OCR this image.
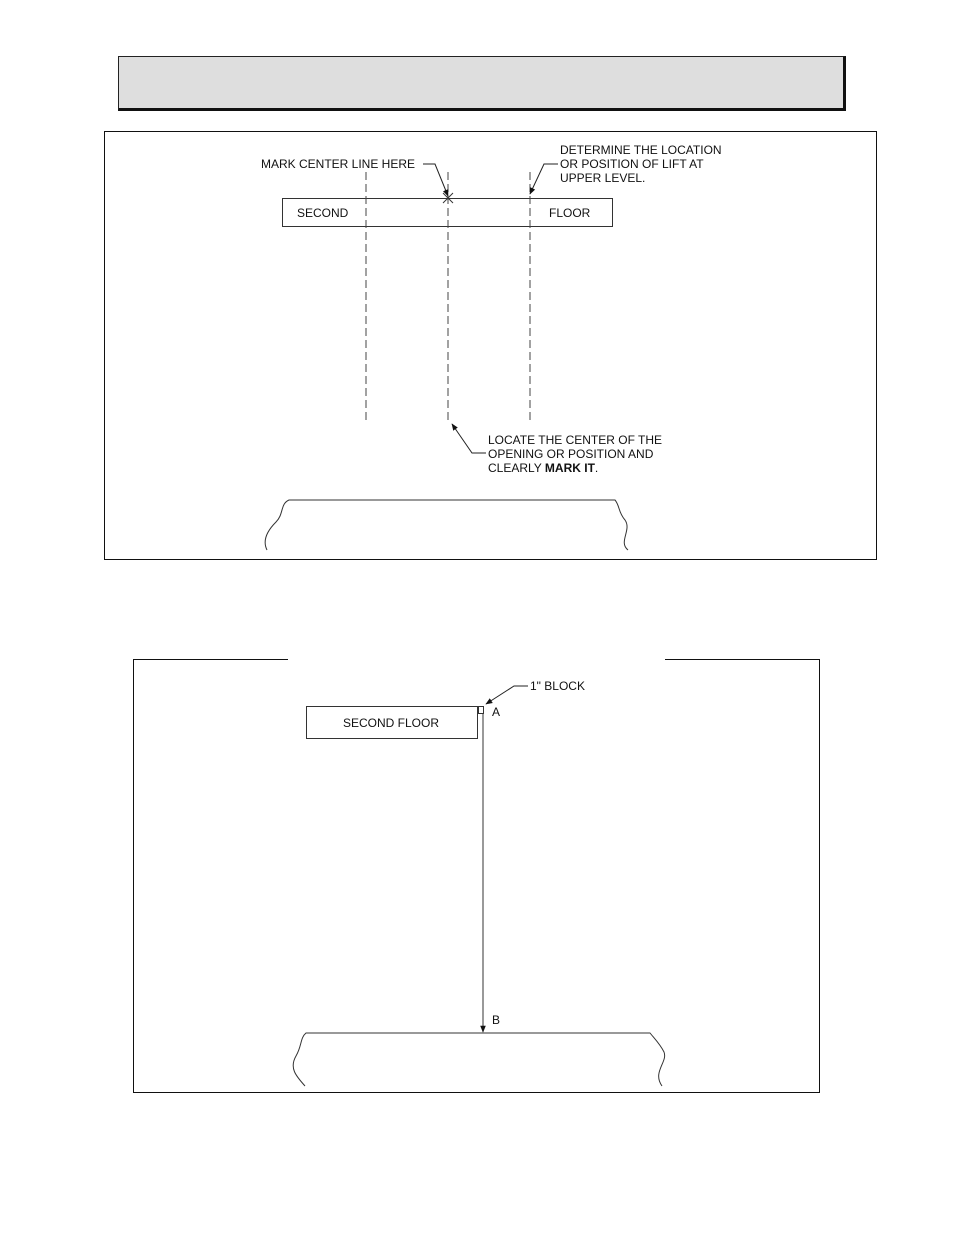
SECOND	FLOOR
MARK CENTER LINE HERE
DETERMINE THE LOCATION
OR POSITION OF LIFT AT
UPPER LEVEL.
LOCATE THE CENTER OF THE
OPENING OR POSITION AND
CLEARLY MARK IT.
SECOND FLOOR
1" BLOCK
A
B
